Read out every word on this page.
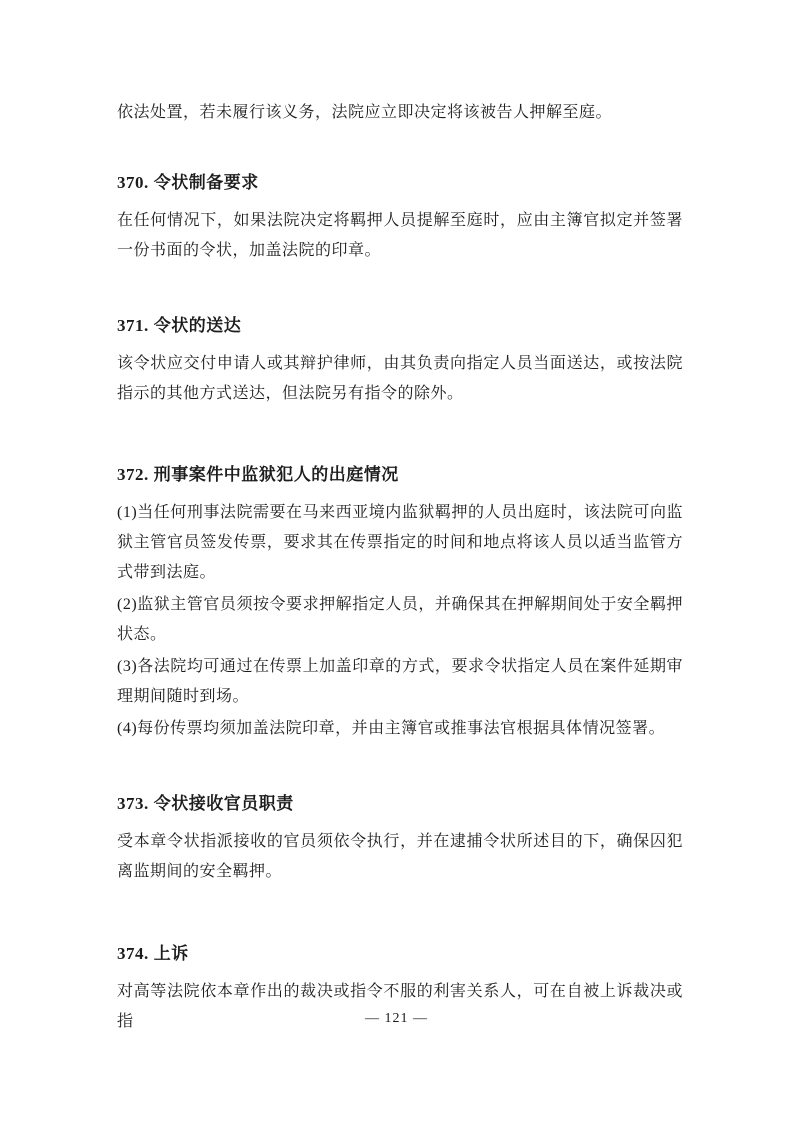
依法处置，若未履行该义务，法院应立即决定将该被告人押解至庭。

370. 令状制备要求

在任何情况下，如果法院决定将羁押人员提解至庭时，应由主簿官拟定并签署一份书面的令状，加盖法院的印章。

371. 令状的送达

该令状应交付申请人或其辩护律师，由其负责向指定人员当面送达，或按法院指示的其他方式送达，但法院另有指令的除外。

372. 刑事案件中监狱犯人的出庭情况

(1)当任何刑事法院需要在马来西亚境内监狱羁押的人员出庭时，该法院可向监狱主管官员签发传票，要求其在传票指定的时间和地点将该人员以适当监管方式带到法庭。

(2)监狱主管官员须按令要求押解指定人员，并确保其在押解期间处于安全羁押状态。

(3)各法院均可通过在传票上加盖印章的方式，要求令状指定人员在案件延期审理期间随时到场。

(4)每份传票均须加盖法院印章，并由主簿官或推事法官根据具体情况签署。

373. 令状接收官员职责

受本章令状指派接收的官员须依令执行，并在逮捕令状所述目的下，确保囚犯离监期间的安全羁押。

374. 上诉

对高等法院依本章作出的裁决或指令不服的利害关系人，可在自被上诉裁决或指	— 121 —
